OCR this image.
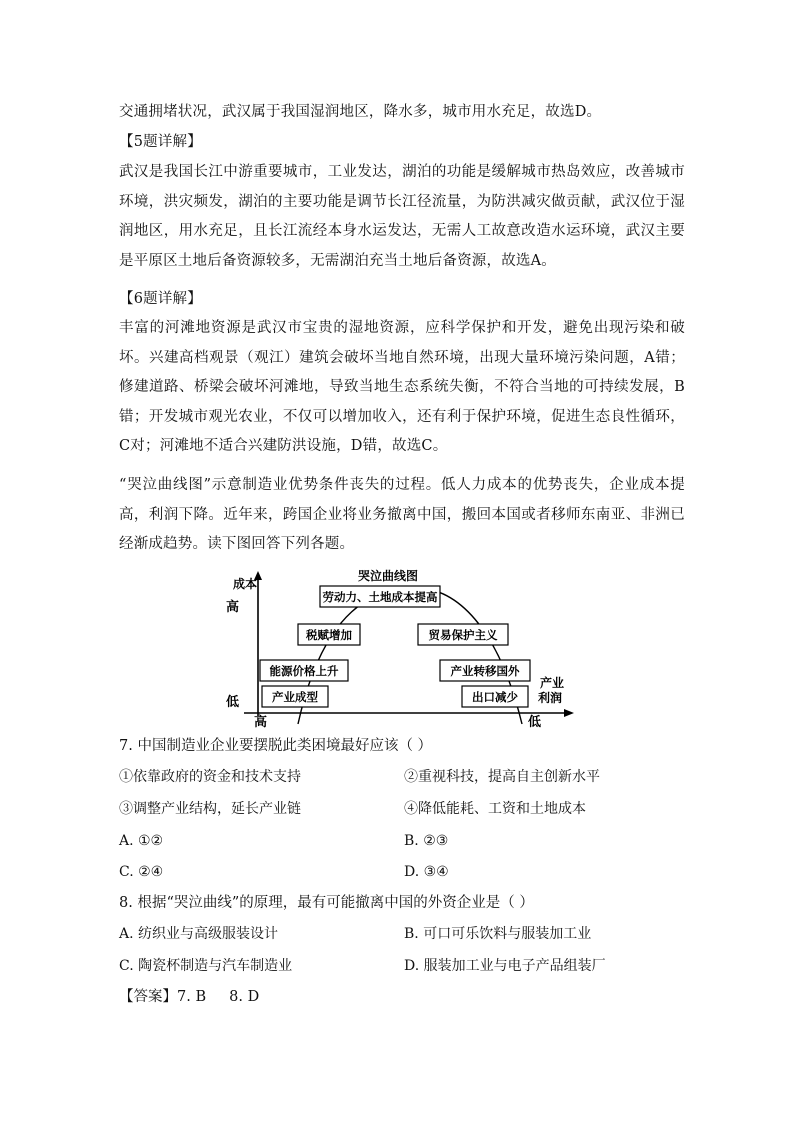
交通拥堵状况，武汉属于我国湿润地区，降水多，城市用水充足，故选D。

【5题详解】

武汉是我国长江中游重要城市，工业发达，湖泊的功能是缓解城市热岛效应，改善城市环境，洪灾频发，湖泊的主要功能是调节长江径流量，为防洪减灾做贡献，武汉位于湿润地区，用水充足，且长江流经本身水运发达，无需人工故意改造水运环境，武汉主要是平原区土地后备资源较多，无需湖泊充当土地后备资源，故选A。

【6题详解】

丰富的河滩地资源是武汉市宝贵的湿地资源，应科学保护和开发，避免出现污染和破坏。兴建高档观景（观江）建筑会破坏当地自然环境，出现大量环境污染问题，A错；修建道路、桥梁会破坏河滩地，导致当地生态系统失衡，不符合当地的可持续发展，B错；开发城市观光农业，不仅可以增加收入，还有利于保护环境，促进生态良性循环，C对；河滩地不适合兴建防洪设施，D错，故选C。

“哭泣曲线图”示意制造业优势条件丧失的过程。低人力成本的优势丧失，企业成本提高，利润下降。近年来，跨国企业将业务撤离中国，搬回本国或者移师东南亚、非洲已经渐成趋势。读下图回答下列各题。

成本
高
低
高	低
产业
利润
哭泣曲线图
劳动力、土地成本提高
税赋增加	贸易保护主义
能源价格上升	产业转移国外
产业成型	出口减少
7. 中国制造业企业要摆脱此类困境最好应该（ ）
①依靠政府的资金和技术支持	②重视科技，提高自主创新水平
③调整产业结构，延长产业链	④降低能耗、工资和土地成本
A. ①②	B. ②③
C. ②④	D. ③④
8. 根据“哭泣曲线”的原理，最有可能撤离中国的外资企业是（ ）
A. 纺织业与高级服装设计	B. 可口可乐饮料与服装加工业
C. 陶瓷杯制造与汽车制造业	D. 服装加工业与电子产品组装厂
【答案】7. B     8. D
